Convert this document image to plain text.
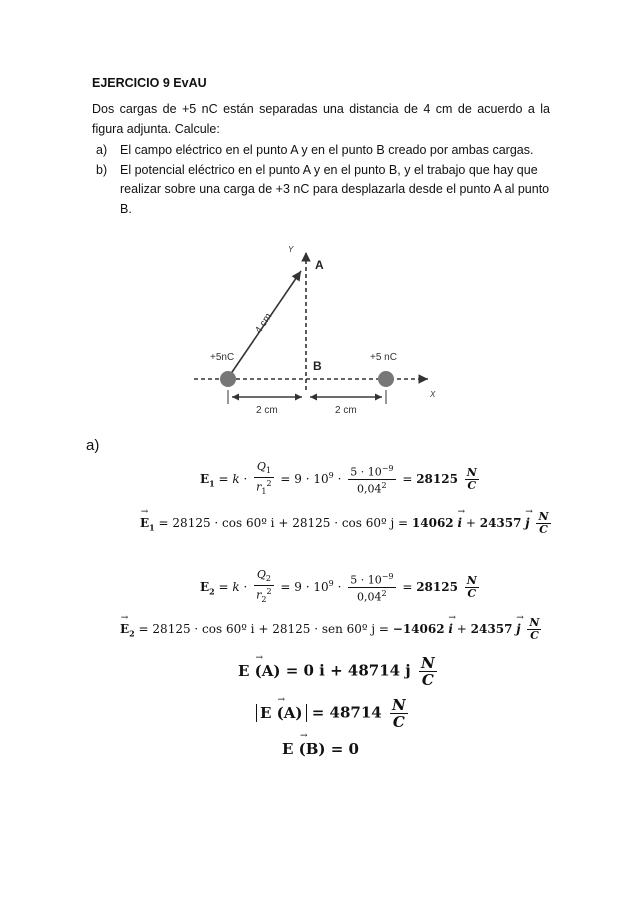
EJERCICIO 9 EvAU
Dos cargas de +5 nC están separadas una distancia de 4 cm de acuerdo a la figura adjunta. Calcule:
a) El campo eléctrico en el punto A y en el punto B creado por ambas cargas.
b) El potencial eléctrico en el punto A y en el punto B, y el trabajo que hay que realizar sobre una carga de +3 nC para desplazarla desde el punto A al punto B.
Y
A
B
X
+5nC	+5 nC
4 cm
2 cm	2 cm
a)
$E_1 = k \cdot \frac{Q_1}{r_1^2} = 9 \cdot 10^9 \cdot \frac{5 \cdot 10^{-9}}{0,04^2} = 28125 \frac{N}{C}$
→ $E_1 = 28125 \cdot \cos$ 60º i + 28125 · cos 60º j = 14062 → i + 24357 → j $\frac{N}{C}$
$E_2 = k \cdot \frac{Q_2}{r_2^2} = 9 \cdot 10^9 \cdot \frac{5 \cdot 10^{-9}}{0,04^2} = 28125 \frac{N}{C}$
→ $E_2 = 28125 \cdot \cos$ 60º i + 28125 · sen 60º j = −14062 → i + 24357 → j $\frac{N}{C}$
→ E (A) = 0 i + 48714 j $\frac{N}{C}$
→ E $(A) = 48714 \frac{N}{C}$
→ E (B) = 0
